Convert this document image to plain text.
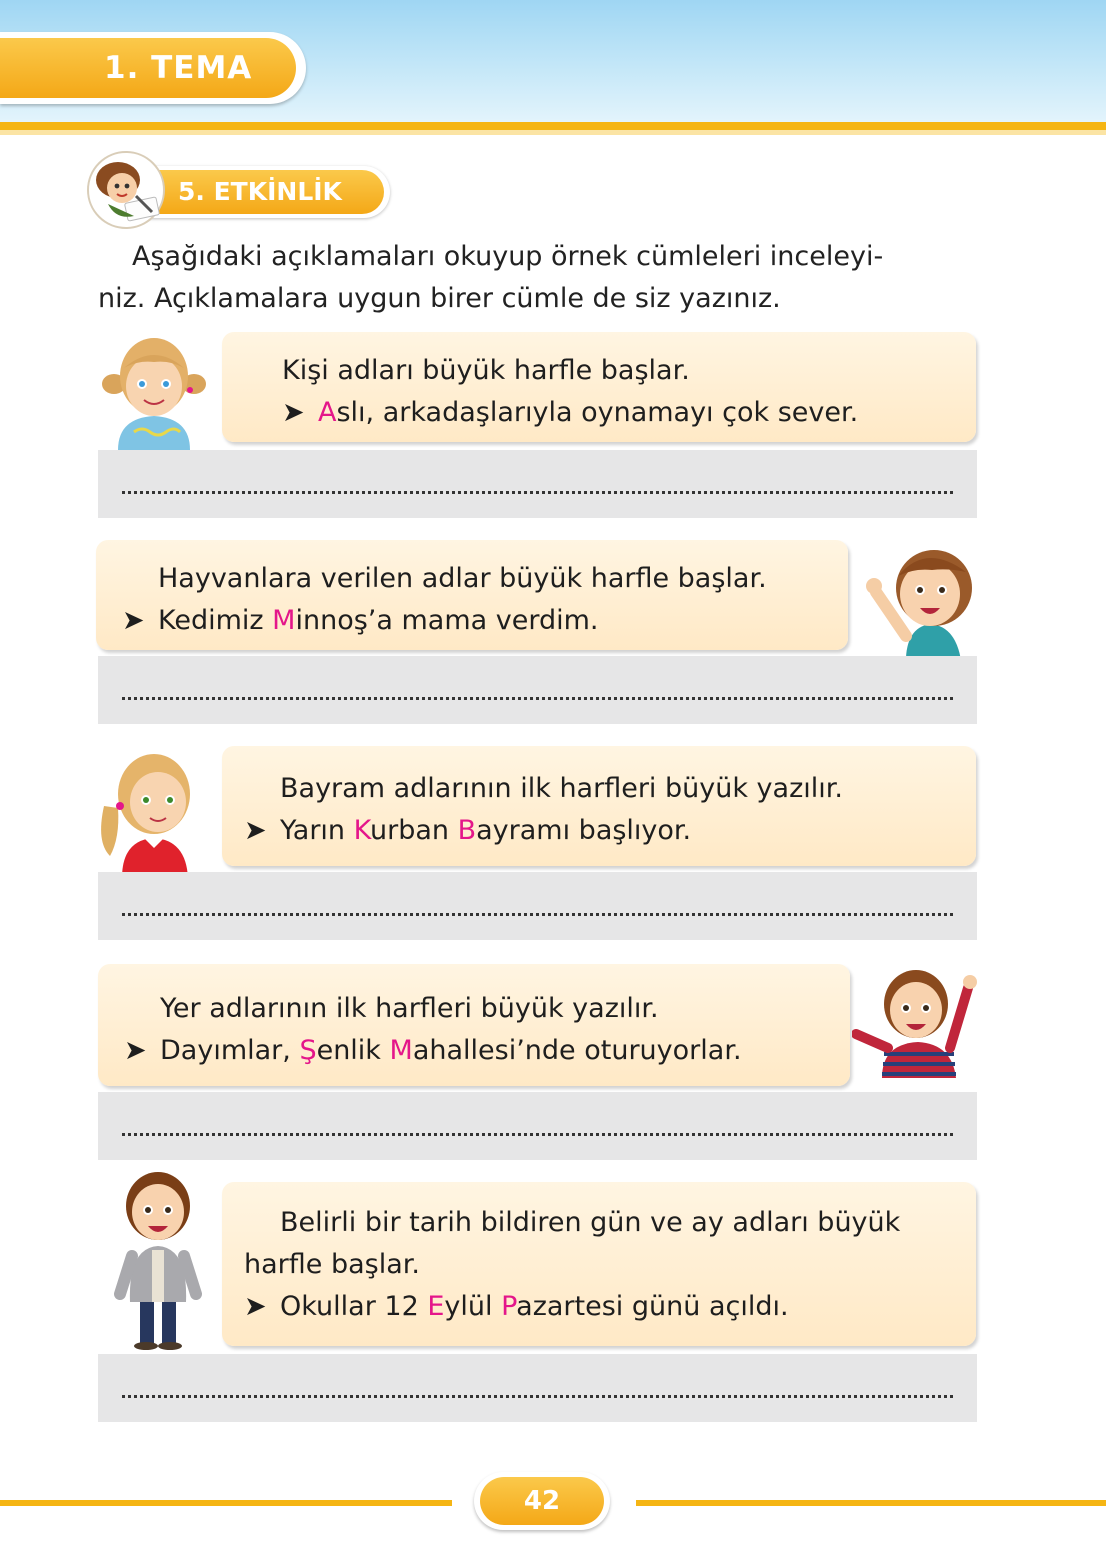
1. TEMA
5. ETKİNLİK
Aşağıdaki açıklamaları okuyup örnek cümleleri inceleyi-
niz. Açıklamalara uygun birer cümle de siz yazınız.
Kişi adları büyük harfle başlar.
➤ Aslı, arkadaşlarıyla oynamayı çok sever.
Hayvanlara verilen adlar büyük harfle başlar.
➤ Kedimiz Minnoş’a mama verdim.
Bayram adlarının ilk harfleri büyük yazılır.
➤ Yarın Kurban Bayramı başlıyor.
Yer adlarının ilk harfleri büyük yazılır.
➤ Dayımlar, Şenlik Mahallesi’nde oturuyorlar.
Belirli bir tarih bildiren gün ve ay adları büyük
harfle başlar.
➤ Okullar 12 Eylül Pazartesi günü açıldı.
42
